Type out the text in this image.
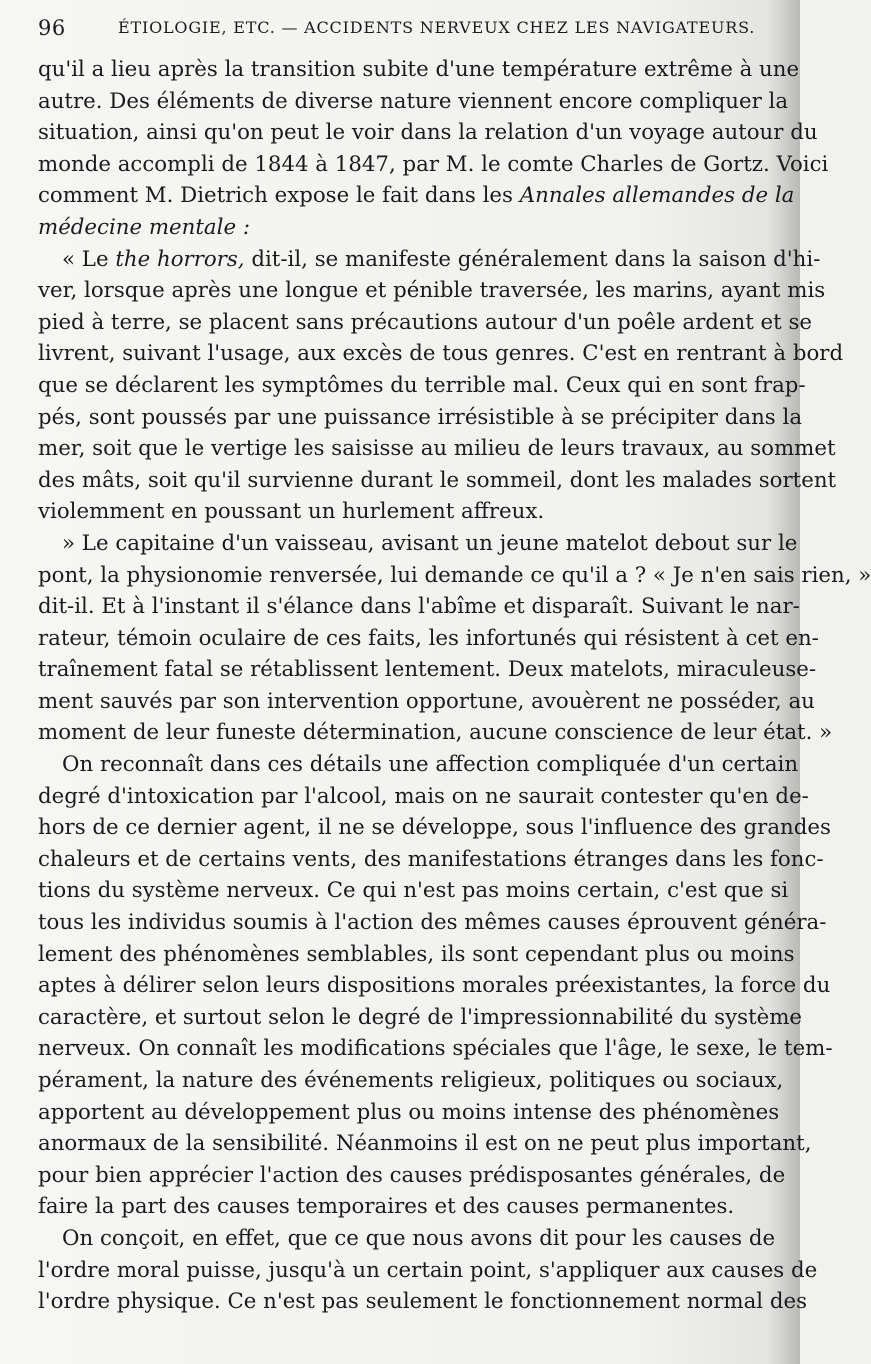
96	ÉTIOLOGIE, ETC. — ACCIDENTS NERVEUX CHEZ LES NAVIGATEURS.
qu'il a lieu après la transition subite d'une température extrême à une
autre. Des éléments de diverse nature viennent encore compliquer la
situation, ainsi qu'on peut le voir dans la relation d'un voyage autour du
monde accompli de 1844 à 1847, par M. le comte Charles de Gortz. Voici
comment M. Dietrich expose le fait dans les Annales allemandes de la
médecine mentale :
« Le the horrors, dit-il, se manifeste généralement dans la saison d'hi-
ver, lorsque après une longue et pénible traversée, les marins, ayant mis
pied à terre, se placent sans précautions autour d'un poêle ardent et se
livrent, suivant l'usage, aux excès de tous genres. C'est en rentrant à bord
que se déclarent les symptômes du terrible mal. Ceux qui en sont frap-
pés, sont poussés par une puissance irrésistible à se précipiter dans la
mer, soit que le vertige les saisisse au milieu de leurs travaux, au sommet
des mâts, soit qu'il survienne durant le sommeil, dont les malades sortent
violemment en poussant un hurlement affreux.
» Le capitaine d'un vaisseau, avisant un jeune matelot debout sur le
pont, la physionomie renversée, lui demande ce qu'il a ? « Je n'en sais rien, »
dit-il. Et à l'instant il s'élance dans l'abîme et disparaît. Suivant le nar-
rateur, témoin oculaire de ces faits, les infortunés qui résistent à cet en-
traînement fatal se rétablissent lentement. Deux matelots, miraculeuse-
ment sauvés par son intervention opportune, avouèrent ne posséder, au
moment de leur funeste détermination, aucune conscience de leur état. »
On reconnaît dans ces détails une affection compliquée d'un certain
degré d'intoxication par l'alcool, mais on ne saurait contester qu'en de-
hors de ce dernier agent, il ne se développe, sous l'influence des grandes
chaleurs et de certains vents, des manifestations étranges dans les fonc-
tions du système nerveux. Ce qui n'est pas moins certain, c'est que si
tous les individus soumis à l'action des mêmes causes éprouvent généra-
lement des phénomènes semblables, ils sont cependant plus ou moins
aptes à délirer selon leurs dispositions morales préexistantes, la force du
caractère, et surtout selon le degré de l'impressionnabilité du système
nerveux. On connaît les modifications spéciales que l'âge, le sexe, le tem-
pérament, la nature des événements religieux, politiques ou sociaux,
apportent au développement plus ou moins intense des phénomènes
anormaux de la sensibilité. Néanmoins il est on ne peut plus important,
pour bien apprécier l'action des causes prédisposantes générales, de
faire la part des causes temporaires et des causes permanentes.
On conçoit, en effet, que ce que nous avons dit pour les causes de
l'ordre moral puisse, jusqu'à un certain point, s'appliquer aux causes de
l'ordre physique. Ce n'est pas seulement le fonctionnement normal des
